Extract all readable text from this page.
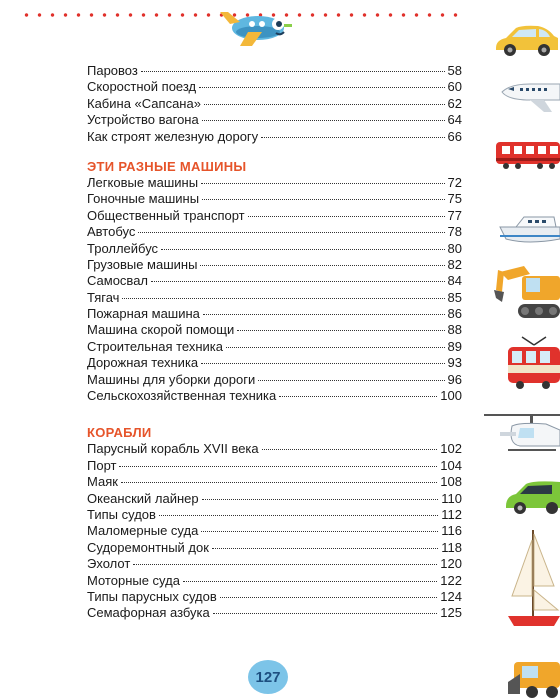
Паровоз	58
Скоростной поезд	60
Кабина «Сапсана»	62
Устройство вагона	64
Как строят железную дорогу	66
ЭТИ РАЗНЫЕ МАШИНЫ
Легковые машины	72
Гоночные машины	75
Общественный транспорт	77
Автобус	78
Троллейбус	80
Грузовые машины	82
Самосвал	84
Тягач	85
Пожарная машина	86
Машина скорой помощи	88
Строительная техника	89
Дорожная техника	93
Машины для уборки дороги	96
Сельскохозяйственная техника	100
КОРАБЛИ
Парусный корабль XVII века	102
Порт	104
Маяк	108
Океанский лайнер	110
Типы судов	112
Маломерные суда	116
Судоремонтный док	118
Эхолот	120
Моторные суда	122
Типы парусных судов	124
Семафорная азбука	125
127
